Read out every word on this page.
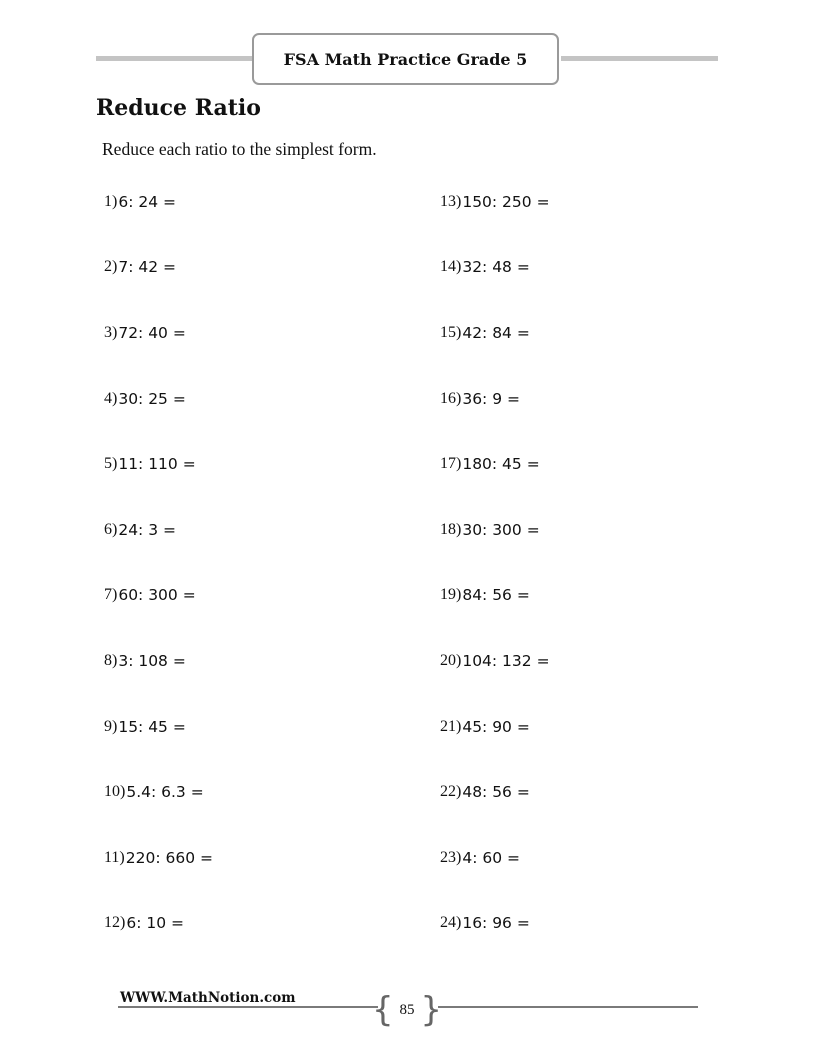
FSA Math Practice Grade 5
Reduce Ratio

Reduce each ratio to the simplest form.

1) 6: 24 =
2) 7: 42 =
3) 72: 40 =
4) 30: 25 =
5) 11: 110 =
6) 24: 3 =
7) 60: 300 =
8) 3: 108 =
9) 15: 45 =
10) 5.4: 6.3 =
11) 220: 660 =
12) 6: 10 =
13) 150: 250 =
14) 32: 48 =
15) 42: 84 =
16) 36: 9 =
17) 180: 45 =
18) 30: 300 =
19) 84: 56 =
20) 104: 132 =
21) 45: 90 =
22) 48: 56 =
23) 4: 60 =
24) 16: 96 =
WWW.MathNotion.com { 85 }
